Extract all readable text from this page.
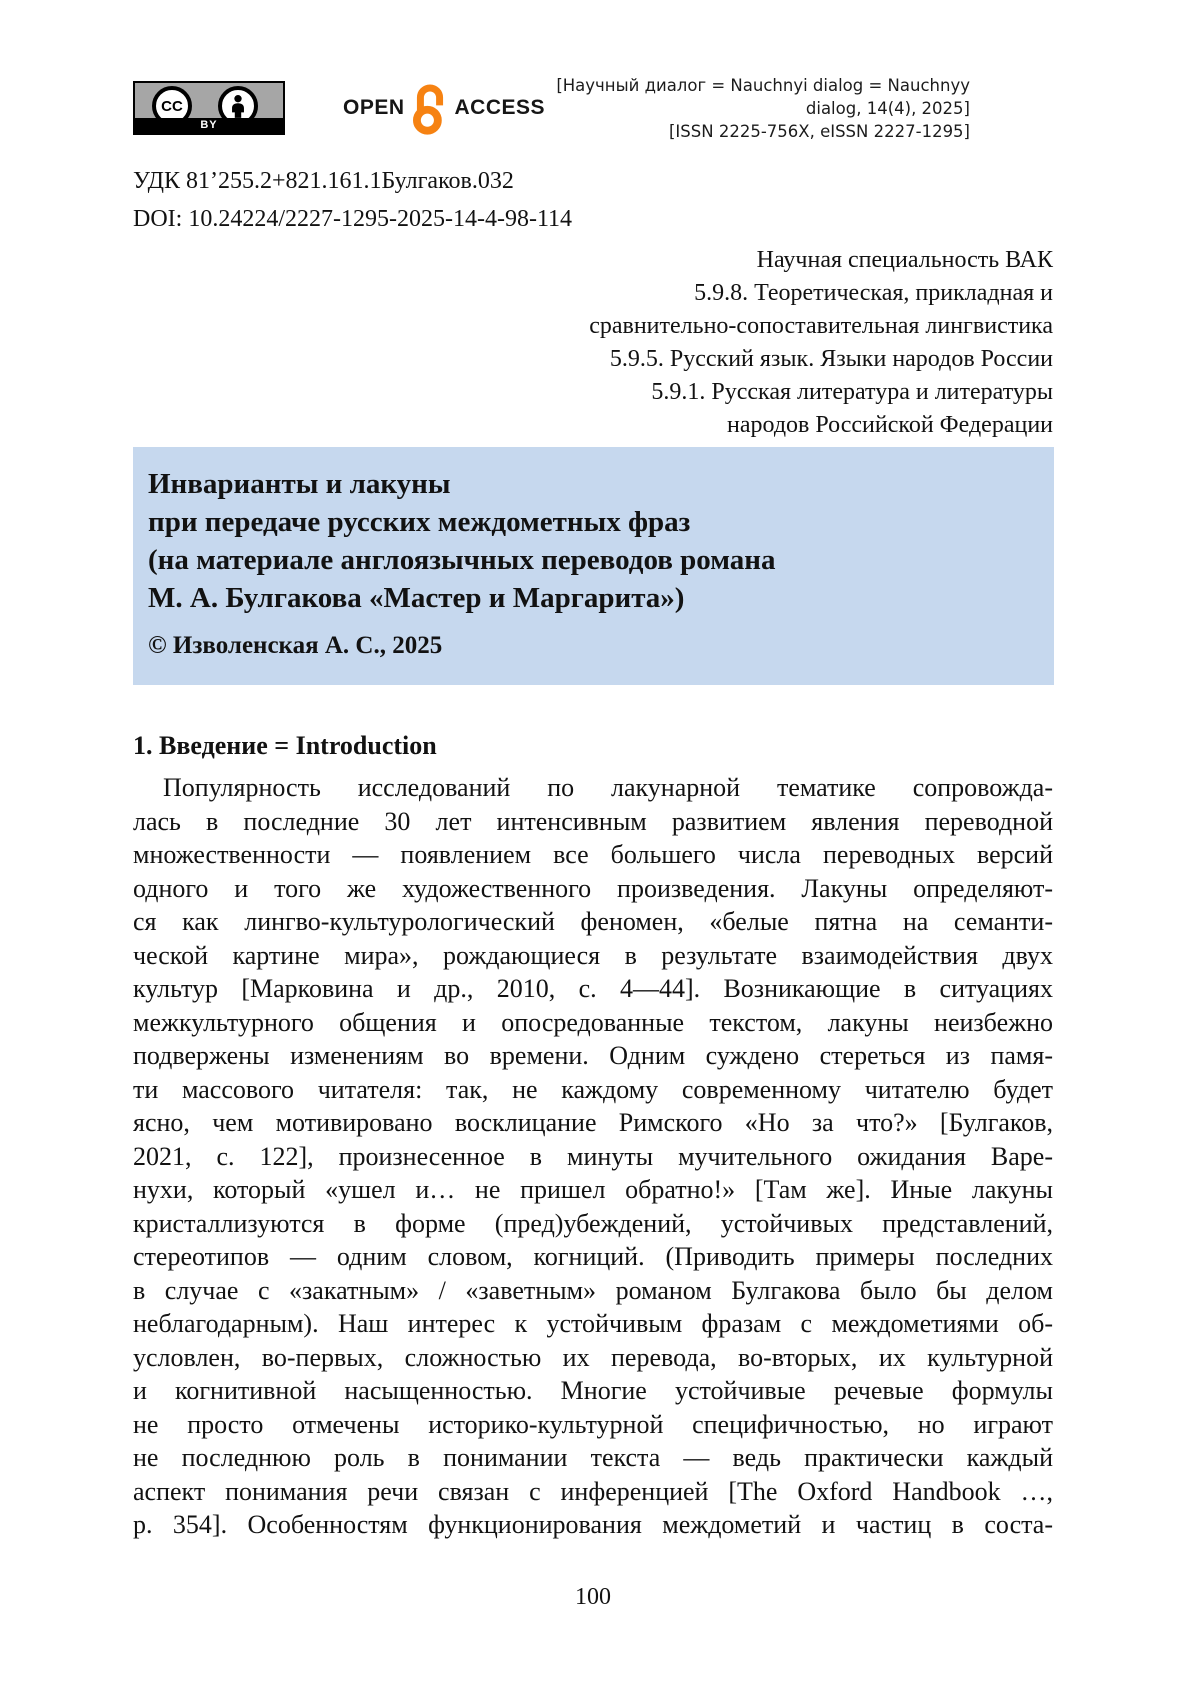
CC
BY
OPEN ACCESS
[Научный диалог = Nauchnyi dialog = Nauchnyy dialog, 14(4), 2025]
[ISSN 2225-756X, eISSN 2227-1295]
УДК 81’255.2+821.161.1Булгаков.032
DOI: 10.24224/2227-1295-2025-14-4-98-114
Научная специальность ВАК
5.9.8. Теоретическая, прикладная и
сравнительно-сопоставительная лингвистика
5.9.5. Русский язык. Языки народов России
5.9.1. Русская литература и литературы
народов Российской Федерации
Инварианты и лакуны
при передаче русских междометных фраз
(на материале англоязычных переводов романа
М. А. Булгакова «Мастер и Маргарита»)
© Изволенская А. С., 2025
1. Введение = Introduction
Популярность исследований по лакунарной тематике сопровожда-
лась в последние 30 лет интенсивным развитием явления переводной
множественности — появлением все большего числа переводных версий
одного и того же художественного произведения. Лакуны определяют-
ся как лингво-культурологический феномен, «белые пятна на семанти-
ческой картине мира», рождающиеся в результате взаимодействия двух
культур [Марковина и др., 2010, с. 4—44]. Возникающие в ситуациях
межкультурного общения и опосредованные текстом, лакуны неизбежно
подвержены изменениям во времени. Одним суждено стереться из памя-
ти массового читателя: так, не каждому современному читателю будет
ясно, чем мотивировано восклицание Римского «Но за что?» [Булгаков,
2021, с. 122], произнесенное в минуты мучительного ожидания Варе-
нухи, который «ушел и… не пришел обратно!» [Там же]. Иные лакуны
кристаллизуются в форме (пред)убеждений, устойчивых представлений,
стереотипов — одним словом, когниций. (Приводить примеры последних
в случае с «закатным» / «заветным» романом Булгакова было бы делом
неблагодарным). Наш интерес к устойчивым фразам с междометиями об-
условлен, во-первых, сложностью их перевода, во-вторых, их культурной
и когнитивной насыщенностью. Многие устойчивые речевые формулы
не просто отмечены историко-культурной специфичностью, но играют
не последнюю роль в понимании текста — ведь практически каждый
аспект понимания речи связан с инференцией [The Oxford Handbook …,
p. 354]. Особенностям функционирования междометий и частиц в соста-
100
